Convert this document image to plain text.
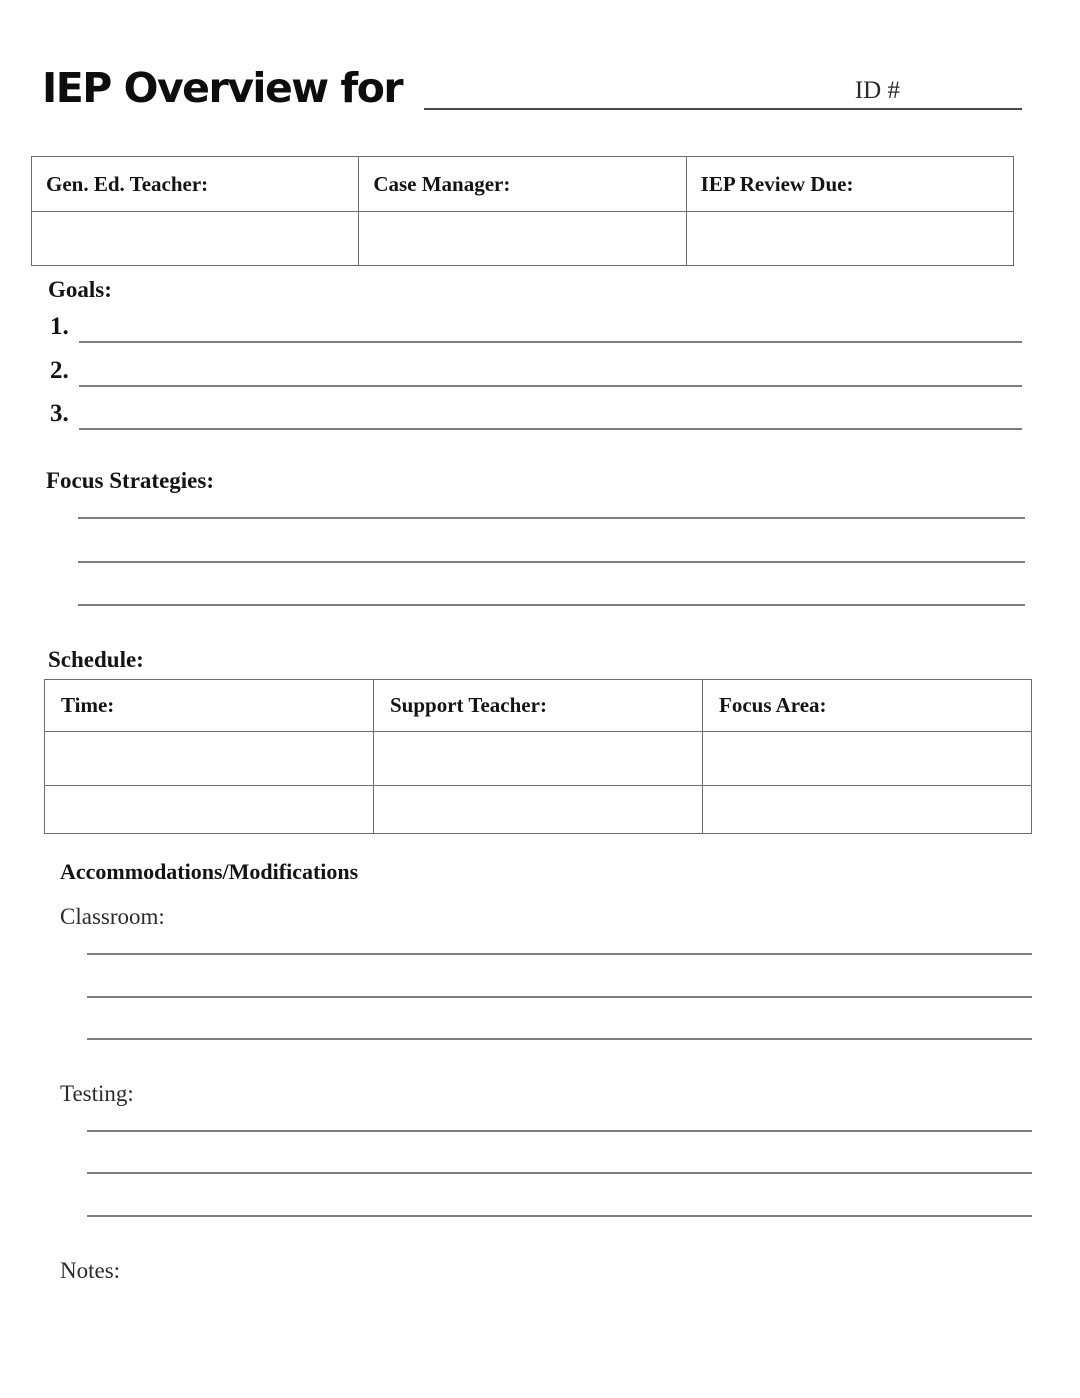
IEP Overview for	ID #
Gen. Ed. Teacher:	Case Manager:	IEP Review Due:

Goals:
1.
2.
3.
Focus Strategies:
Schedule:
Time:	Support Teacher:	Focus Area:

Accommodations/Modifications
Classroom:
Testing:
Notes:
